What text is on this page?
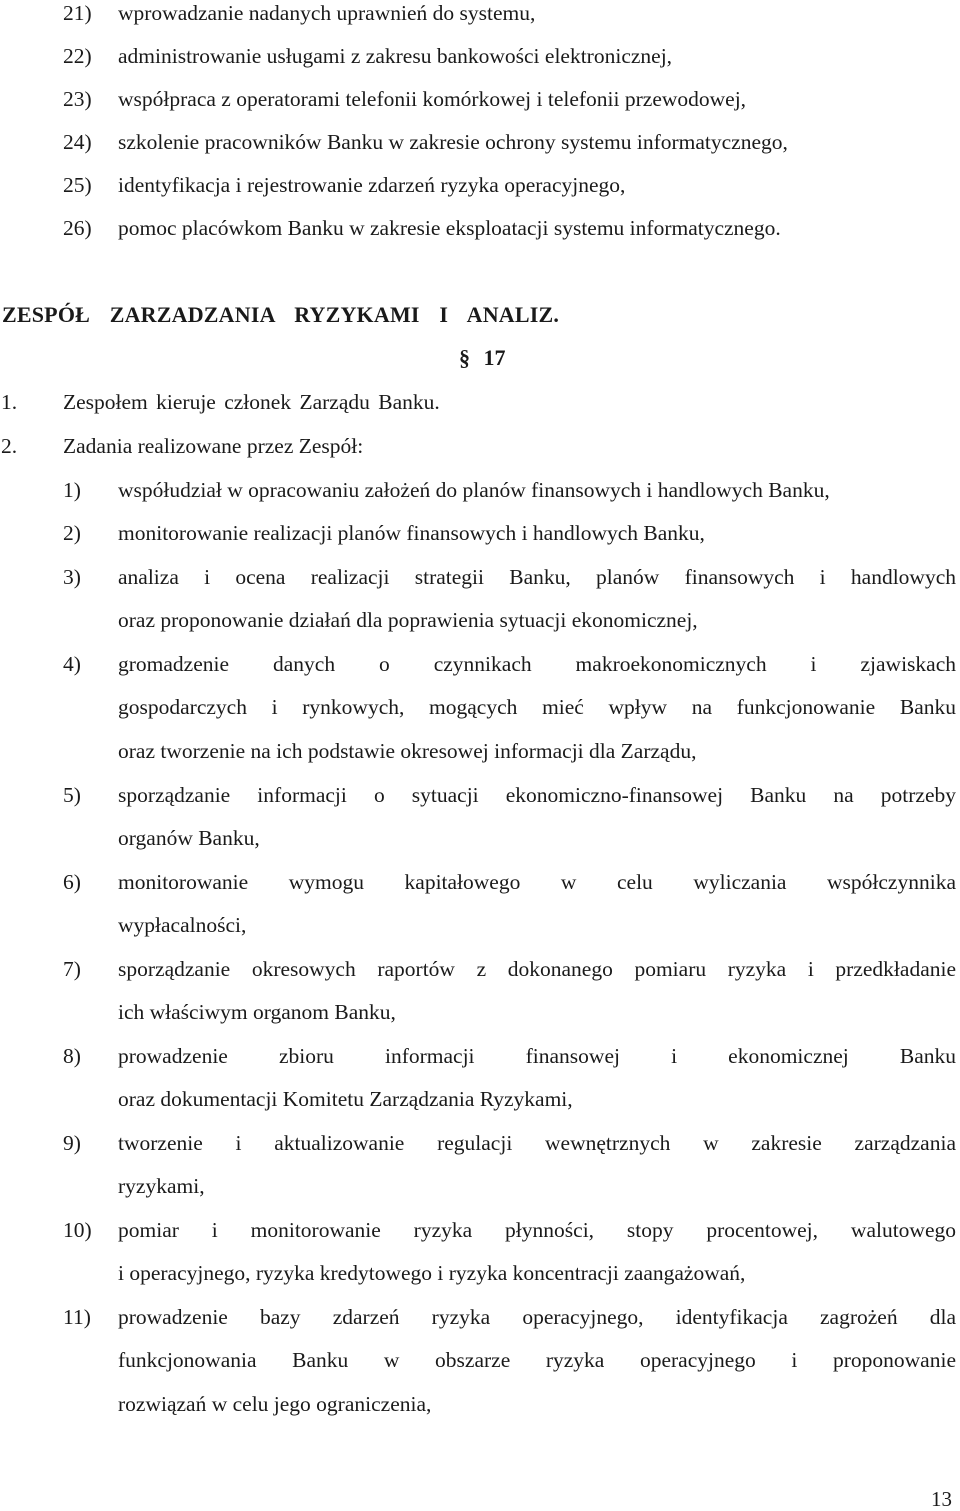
21) wprowadzanie nadanych uprawnień do systemu,
22) administrowanie usługami z zakresu bankowości elektronicznej,
23) współpraca z operatorami telefonii komórkowej i telefonii przewodowej,
24) szkolenie pracowników Banku w zakresie ochrony systemu informatycznego,
25) identyfikacja i rejestrowanie zdarzeń ryzyka operacyjnego,
26) pomoc placówkom Banku w zakresie eksploatacji systemu informatycznego.
ZESPÓŁ ZARZADZANIA RYZYKAMI I ANALIZ.
§ 17
1. Zespołem kieruje członek Zarządu Banku.
2. Zadania realizowane przez Zespół:
1) współudział w opracowaniu założeń do planów finansowych i handlowych Banku,
2) monitorowanie realizacji planów finansowych i handlowych Banku,
3) analiza i ocena realizacji strategii Banku, planów finansowych i handlowych
oraz proponowanie działań dla poprawienia sytuacji ekonomicznej,
4) gromadzenie danych o czynnikach makroekonomicznych i zjawiskach
gospodarczych i rynkowych, mogących mieć wpływ na funkcjonowanie Banku
oraz tworzenie na ich podstawie okresowej informacji dla Zarządu,
5) sporządzanie informacji o sytuacji ekonomiczno-finansowej Banku na potrzeby
organów Banku,
6) monitorowanie wymogu kapitałowego w celu wyliczania współczynnika
wypłacalności,
7) sporządzanie okresowych raportów z dokonanego pomiaru ryzyka i przedkładanie
ich właściwym organom Banku,
8) prowadzenie zbioru informacji finansowej i ekonomicznej Banku
oraz dokumentacji Komitetu Zarządzania Ryzykami,
9) tworzenie i aktualizowanie regulacji wewnętrznych w zakresie zarządzania
ryzykami,
10) pomiar i monitorowanie ryzyka płynności, stopy procentowej, walutowego
i operacyjnego, ryzyka kredytowego i ryzyka koncentracji zaangażowań,
11) prowadzenie bazy zdarzeń ryzyka operacyjnego, identyfikacja zagrożeń dla
funkcjonowania Banku w obszarze ryzyka operacyjnego i proponowanie
rozwiązań w celu jego ograniczenia,
13
